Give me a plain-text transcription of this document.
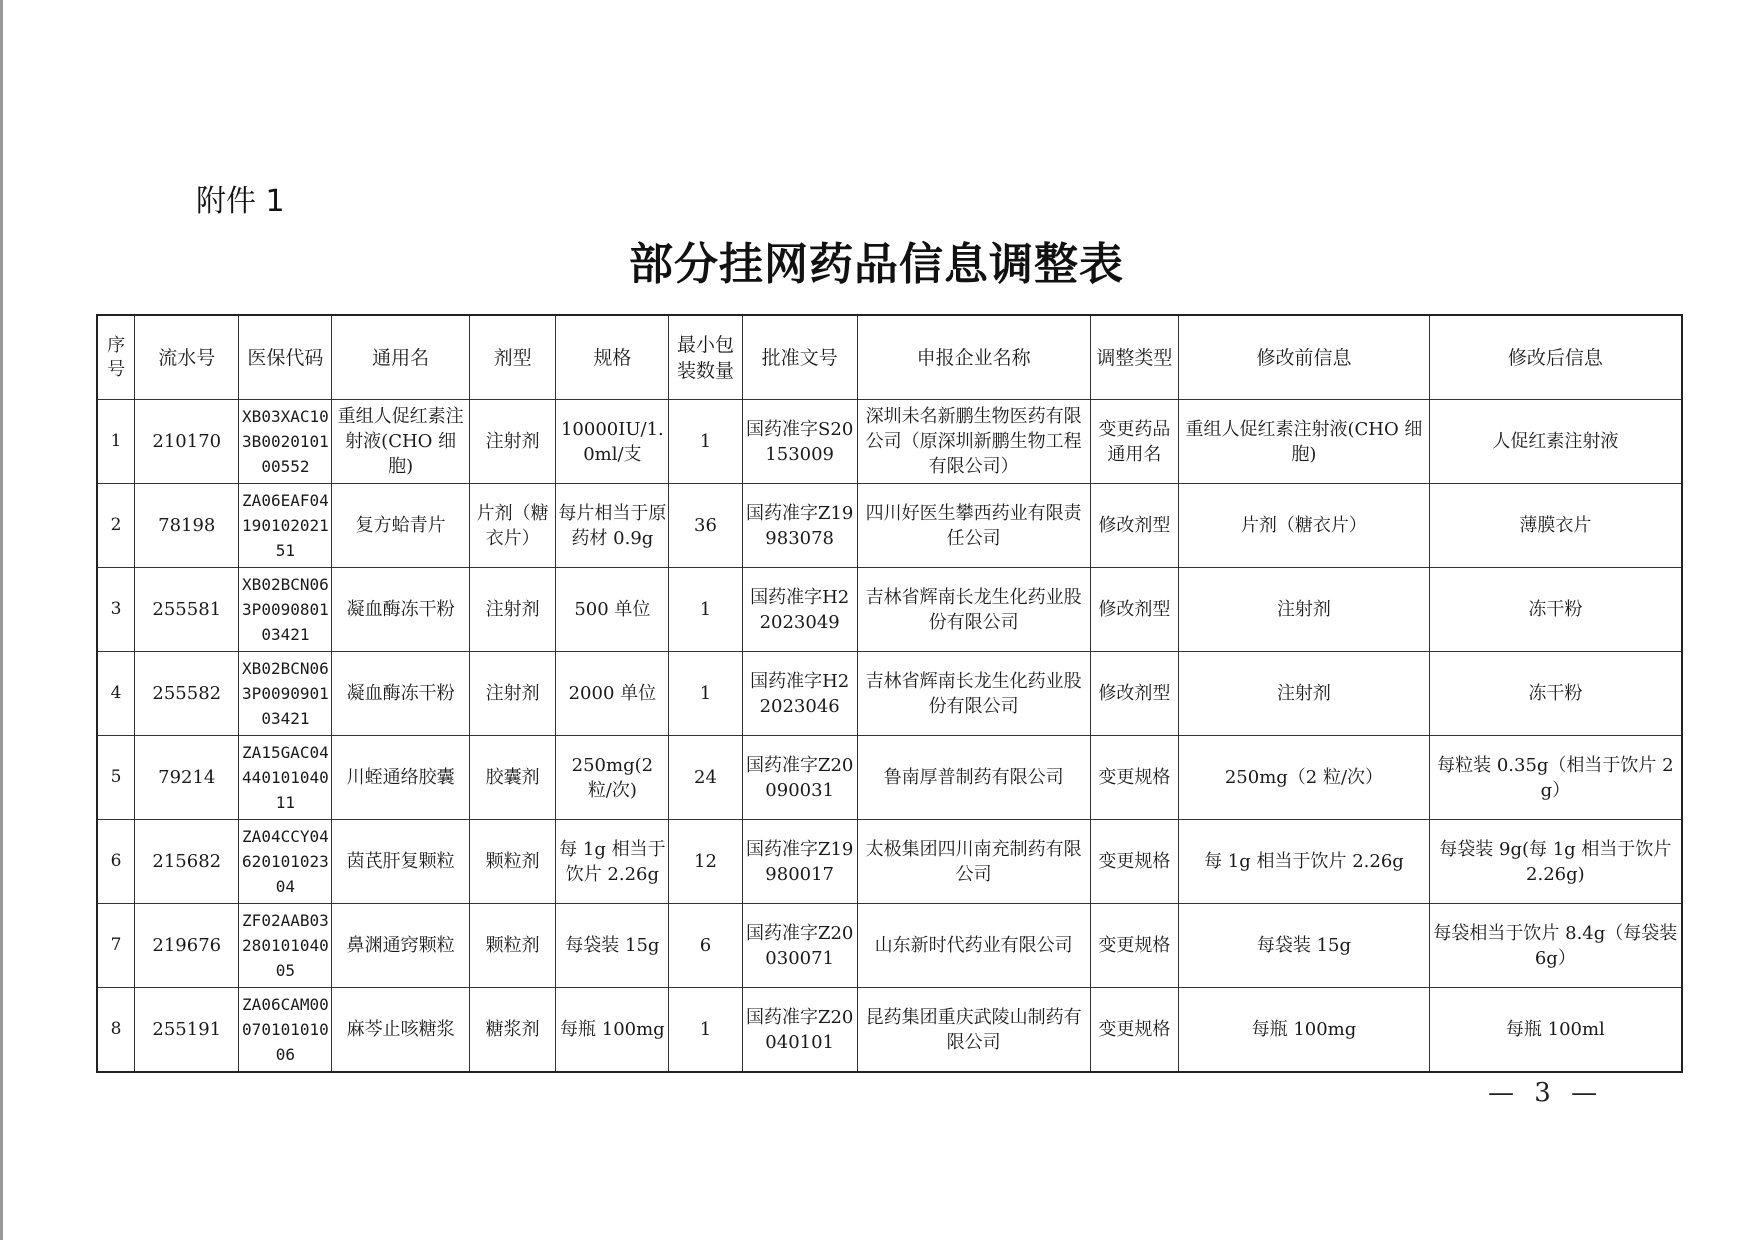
附件 1
部分挂网药品信息调整表
序号	流水号	医保代码	通用名	剂型	规格	最小包装数量	批准文号	申报企业名称	调整类型	修改前信息	修改后信息
1	210170	XB03XAC103B002010100552	重组人促红素注射液(CHO 细胞)	注射剂	10000IU/1.0ml/支	1	国药准字S20153009	深圳未名新鹏生物医药有限公司（原深圳新鹏生物工程有限公司）	变更药品通用名	重组人促红素注射液(CHO 细胞)	人促红素注射液
2	78198	ZA06EAF0419010202151	复方蛤青片	片剂（糖衣片）	每片相当于原药材 0.9g	36	国药准字Z19983078	四川好医生攀西药业有限责任公司	修改剂型	片剂（糖衣片）	薄膜衣片
3	255581	XB02BCN063P009080103421	凝血酶冻干粉	注射剂	500 单位	1	国药准字H22023049	吉林省辉南长龙生化药业股份有限公司	修改剂型	注射剂	冻干粉
4	255582	XB02BCN063P009090103421	凝血酶冻干粉	注射剂	2000 单位	1	国药准字H22023046	吉林省辉南长龙生化药业股份有限公司	修改剂型	注射剂	冻干粉
5	79214	ZA15GAC0444010104011	川蛭通络胶囊	胶囊剂	250mg(2 粒/次)	24	国药准字Z20090031	鲁南厚普制药有限公司	变更规格	250mg（2 粒/次）	每粒装 0.35g（相当于饮片 2g）
6	215682	ZA04CCY0462010102304	茵芪肝复颗粒	颗粒剂	每 1g 相当于饮片 2.26g	12	国药准字Z19980017	太极集团四川南充制药有限公司	变更规格	每 1g 相当于饮片 2.26g	每袋装 9g(每 1g 相当于饮片 2.26g)
7	219676	ZF02AAB0328010104005	鼻渊通窍颗粒	颗粒剂	每袋装 15g	6	国药准字Z20030071	山东新时代药业有限公司	变更规格	每袋装 15g	每袋相当于饮片 8.4g（每袋装 6g）
8	255191	ZA06CAM0007010101006	麻芩止咳糖浆	糖浆剂	每瓶 100mg	1	国药准字Z20040101	昆药集团重庆武陵山制药有限公司	变更规格	每瓶 100mg	每瓶 100ml
— 3 —
